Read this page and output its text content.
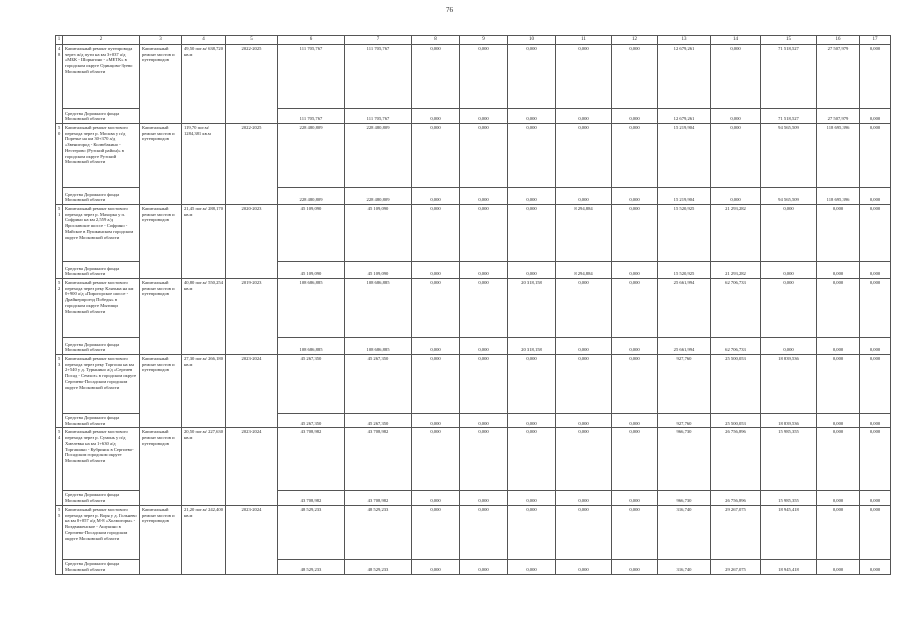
76
1	2	3	4	5	6	7	8	9	10	11	12	13	14	15	16	17
48	Капитальный ремонт путепровода через ж/д пути на км 3+037 а/д «МБК - Шорыгино - «МЕТК» в городском округе Одинцово-Зуево Московской области	Капитальный ремонт мостов и путепроводов	49,50 пог.м/ 638,720 кв.м	2022-2025	111 705,767	111 705,767	0,000	0,000	0,000	0,000	0,000	12 679,261	0,000	71 518,527	27 507,979	0,000
	Средства Дорожного фонда Московской области				111 705,767	111 705,767	0,000	0,000	0,000	0,000	0,000	12 679,261	0,000	71 518,527	27 507,979	0,000
50	Капитальный ремонт мостового перехода через р. Москва у п/д Поречье на км 30+370 а/д «Звенигород - Колюбакино - Нестерово (Рузский район)» в городском округе Рузский Московской области	Капитальный ремонт мостов и путепроводов	119,70 пог.м/ 1284,381 кв.м	2022-2025	228 480,809	228 480,809	0,000	0,000	0,000	0,000	0,000	15 219,904	0,000	94 565,509	118 695,396	0,000
	Средства Дорожного фонда Московской области				228 480,809	228 480,809	0,000	0,000	0,000	0,000	0,000	15 219,904	0,000	94 565,509	118 695,396	0,000
51	Капитальный ремонт мостового перехода через р. Махорка у п. Софрино на км 2,559 а/д Ярославское шоссе - Софрино - Майское в Пушкинском городском округе Московской области	Капитальный ремонт мостов и путепроводов	21,45 пог.м/ 288,170 кв.м	2020-2023	45 109,090	45 109,090	0,000	0,000	0,000	8 294,884	0,000	15 520,925	21 293,282	0,000	0,000	0,000
	Средства Дорожного фонда Московской области				45 109,090	45 109,090	0,000	0,000	0,000	8 294,884	0,000	15 520,925	21 293,282	0,000	0,000	0,000
52	Капитальный ремонт мостового перехода через реку Клязьма на км 0+900 а/д «Пирогорское шоссе - Драйнерпроезд Победы» в городском округе Мытищи Московской области	Капитальный ремонт мостов и путепроводов	40,80 пог.м/ 550,254 кв.м	2019-2023	108 686,885	108 686,885	0,000	0,000	20 318,158	0,000	0,000	25 661,994	62 706,733	0,000	0,000	0,000
	Средства Дорожного фонда Московской области				108 686,885	108 686,885	0,000	0,000	20 318,158	0,000	0,000	25 661,994	62 706,733	0,000	0,000	0,000
53	Капитальный ремонт мостового перехода через реку Торгоша на км 2+540 у д. Турынино а/д «Сергиев Посад - Семхоз» в городском округе Сергиево-Посадском городском округе Московской области	Капитальный ремонт мостов и путепроводов	27,30 пог.м/ 266,180 кв.м	2023-2024	45 267,350	45 267,350	0,000	0,000	0,000	0,000	0,000	927,760	25 500,053	18 839,536	0,000	0,000
	Средства Дорожного фонда Московской области				45 267,350	45 267,350	0,000	0,000	0,000	0,000	0,000	927,760	25 500,053	18 839,536	0,000	0,000
54	Капитальный ремонт мостового перехода через р. Сумонь у п/д Хмелевка на км 1+630 а/д Торгашино - Кубринск в Сергиево-Посадском городском округе Московской области	Капитальный ремонт мостов и путепроводов	20,50 пог.м/ 227,630 кв.м	2023-2024	43 708,982	43 708,982	0,000	0,000	0,000	0,000	0,000	966,730	26 756,896	15 985,355	0,000	0,000
	Средства Дорожного фонда Московской области				43 708,982	43 708,982	0,000	0,000	0,000	0,000	0,000	966,730	26 756,896	15 985,355	0,000	0,000
55	Капитальный ремонт мостового перехода через р. Воря у д. Гольнево на км 0+057 а/д М-8 «Холмогоры» - Воздвиженское - Ашукино в Сергиево-Посадском городском округе Московской области	Капитальный ремонт мостов и путепроводов	21,20 пог.м/ 242,400 кв.м	2023-2024	48 529,233	48 529,233	0,000	0,000	0,000	0,000	0,000	316,740	29 267,075	18 945,418	0,000	0,000
	Средства Дорожного фонда Московской области				48 529,233	48 529,233	0,000	0,000	0,000	0,000	0,000	316,740	29 267,075	18 945,418	0,000	0,000
